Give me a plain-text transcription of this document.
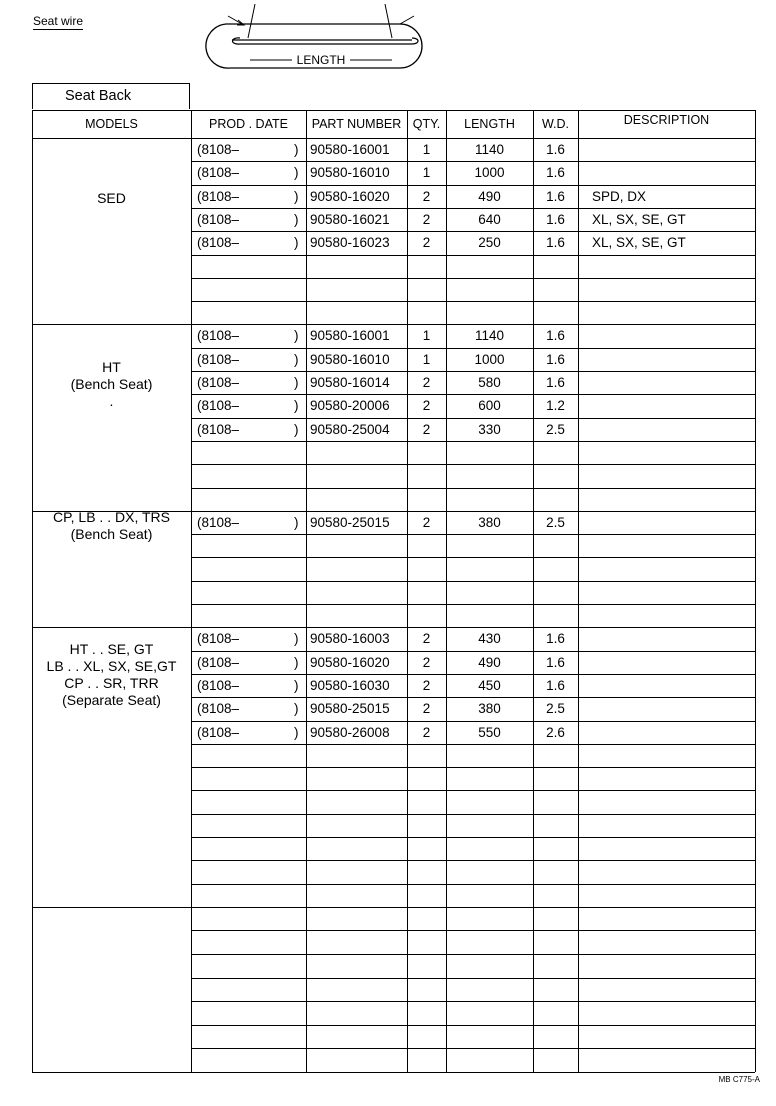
Seat wire
LENGTH
Seat Back
MODELS	PROD . DATE	PART NUMBER QTY.	LENGTH	W.D.	DESCRIPTION
SED
(8108–	) 90580-16001	1	1140	1.6
(8108–	) 90580-16010	1	1000	1.6
(8108–	) 90580-16020	2	490	1.6	SPD, DX
(8108–	) 90580-16021	2	640	1.6	XL, SX, SE, GT
(8108–	) 90580-16023	2	250	1.6	XL, SX, SE, GT
HT
(Bench Seat)
.
(8108–	) 90580-16001	1	1140	1.6
(8108–	) 90580-16010	1	1000	1.6
(8108–	) 90580-16014	2	580	1.6
(8108–	) 90580-20006	2	600	1.2
(8108–	) 90580-25004	2	330	2.5
CP, LB . . DX, TRS
(Bench Seat)
(8108–	) 90580-25015	2	380	2.5
HT . . SE, GT
LB . . XL, SX, SE,GT
CP . . SR, TRR
(Separate Seat)
(8108–	) 90580-16003	2	430	1.6
(8108–	) 90580-16020	2	490	1.6
(8108–	) 90580-16030	2	450	1.6
(8108–	) 90580-25015	2	380	2.5
(8108–	) 90580-26008	2	550	2.6
MB C775-A
